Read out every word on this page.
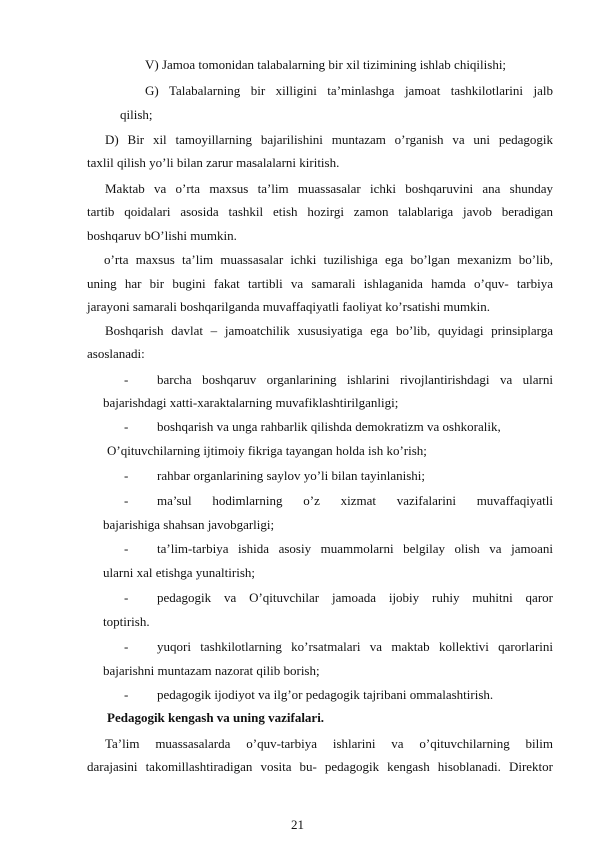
V) Jamoa tomonidan talabalarning bir xil tizimining ishlab chiqilishi;
G) Talabalarning bir xilligini ta’minlashga jamoat tashkilotlarini jalb
qilish;
D) Bir xil tamoyillarning bajarilishini muntazam o’rganish va uni pedagogik
taxlil qilish yo’li bilan zarur masalalarni kiritish.
Maktab va o’rta maxsus ta’lim muassasalar ichki boshqaruvini ana shunday
tartib qoidalari asosida tashkil etish hozirgi zamon talablariga javob beradigan
boshqaruv bO’lishi mumkin.
o’rta maxsus ta’lim muassasalar ichki tuzilishiga ega bo’lgan mexanizm bo’lib,
uning har bir bugini fakat tartibli va samarali ishlaganida hamda o’quv- tarbiya
jarayoni samarali boshqarilganda muvaffaqiyatli faoliyat ko’rsatishi mumkin.
Boshqarish davlat – jamoatchilik xususiyatiga ega bo’lib, quyidagi prinsiplarga
asoslanadi:
- barcha boshqaruv organlarining ishlarini rivojlantirishdagi va ularni
bajarishdagi xatti-xaraktalarning muvafiklashtirilganligi;
- boshqarish va unga rahbarlik qilishda demokratizm va oshkoralik,
O’qituvchilarning ijtimoiy fikriga tayangan holda ish ko’rish;
- rahbar organlarining saylov yo’li bilan tayinlanishi;
- ma’sul hodimlarning o’z xizmat vazifalarini muvaffaqiyatli
bajarishiga shahsan javobgarligi;
- ta’lim-tarbiya ishida asosiy muammolarni belgilay olish va jamoani
ularni xal etishga yunaltirish;
- pedagogik va O’qituvchilar jamoada ijobiy ruhiy muhitni qaror
toptirish.
- yuqori tashkilotlarning ko’rsatmalari va maktab kollektivi qarorlarini
bajarishni muntazam nazorat qilib borish;
- pedagogik ijodiyot va ilg’or pedagogik tajribani ommalashtirish.
Pedagogik kengash va uning vazifalari.
Ta’lim muassasalarda o’quv-tarbiya ishlarini va o’qituvchilarning bilim
darajasini takomillashtiradigan vosita bu- pedagogik kengash hisoblanadi. Direktor
21
